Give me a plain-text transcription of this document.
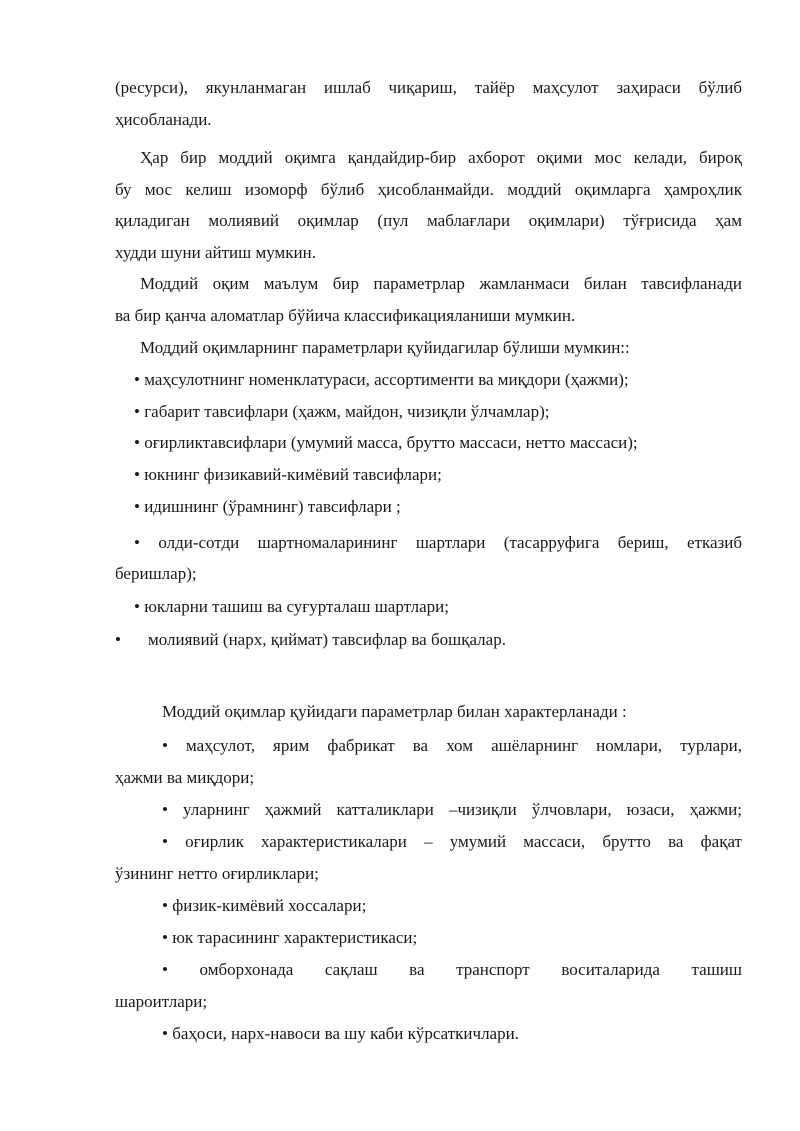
(ресурси), якунланмаган ишлаб чиқариш, тайёр маҳсулот заҳираси бўлиб
ҳисобланади.
Ҳар бир моддий оқимга қандайдир-бир ахборот оқими мос келади, бироқ
бу мос келиш изоморф бўлиб ҳисобланмайди. моддий оқимларга ҳамроҳлик
қиладиган молиявий оқимлар (пул маблағлари оқимлари) тўғрисида ҳам
худди шуни айтиш мумкин.
Моддий оқим маълум бир параметрлар жамланмаси билан тавсифланади
ва бир қанча аломатлар бўйича классификацияланиши мумкин.
Моддий оқимларнинг параметрлари қуйидагилар бўлиши мумкин::
• маҳсулотнинг номенклатураси, ассортименти ва миқдори (ҳажми);
• габарит тавсифлари (ҳажм, майдон, чизиқли ўлчамлар);
• оғирликтавсифлари (умумий масса, брутто массаси, нетто массаси);
• юкнинг физикавий-кимёвий тавсифлари;
• идишнинг (ўрамнинг) тавсифлари ;
• олди-сотди шартномаларининг шартлари (тасарруфига бериш, етказиб
беришлар);
• юкларни ташиш ва суғурталаш шартлари;
• молиявий (нарх, қиймат) тавсифлар ва бошқалар.
Моддий оқимлар қуйидаги параметрлар билан характерланади :
• маҳсулот, ярим фабрикат ва хом ашёларнинг номлари, турлари,
ҳажми ва миқдори;
• уларнинг ҳажмий катталиклари –чизиқли ўлчовлари, юзаси, ҳажми;
• оғирлик характеристикалари – умумий массаси, брутто ва фақат
ўзининг нетто оғирликлари;
• физик-кимёвий хоссалари;
• юк тарасининг характеристикаси;
• омборхонада сақлаш ва транспорт воситаларида ташиш
шароитлари;
• баҳоси, нарх-навоси ва шу каби кўрсаткичлари.
